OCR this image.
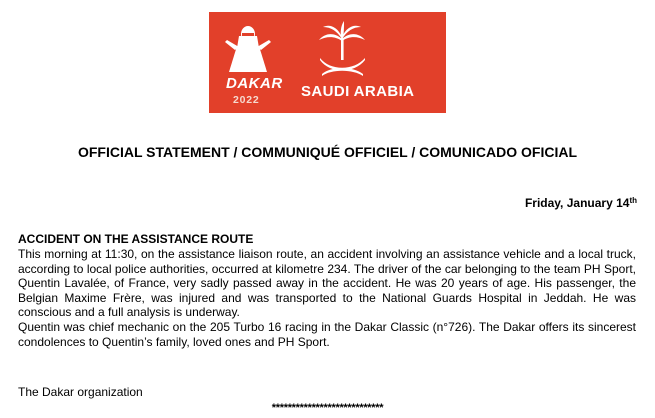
DAKAR
2022	SAUDI ARABIA
OFFICIAL STATEMENT / COMMUNIQUÉ OFFICIEL / COMUNICADO OFICIAL
Friday, January 14th
ACCIDENT ON THE ASSISTANCE ROUTE

This morning at 11:30, on the assistance liaison route, an accident involving an assistance vehicle and a local truck, according to local police authorities, occurred at kilometre 234. The driver of the car belonging to the team PH Sport, Quentin Lavalée, of France, very sadly passed away in the accident. He was 20 years of age. His passenger, the Belgian Maxime Frère, was injured and was transported to the National Guards Hospital in Jeddah. He was conscious and a full analysis is underway.

Quentin was chief mechanic on the 205 Turbo 16 racing in the Dakar Classic (n°726). The Dakar offers its sincerest condolences to Quentin’s family, loved ones and PH Sport.

The Dakar organization
****************************
